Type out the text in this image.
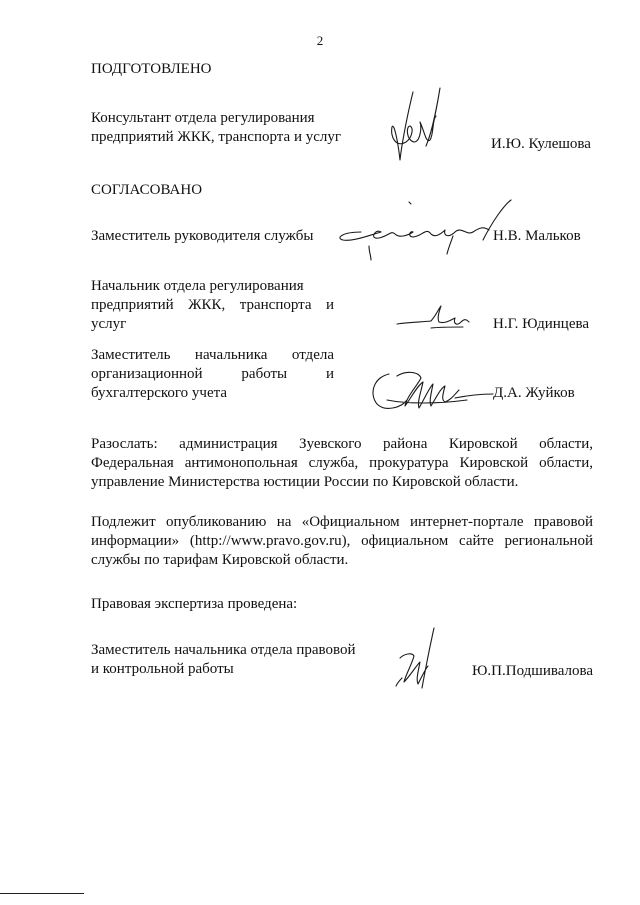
2
ПОДГОТОВЛЕНО
Консультант отдела регулирования
предприятий ЖКК, транспорта и услуг	И.Ю. Кулешова
СОГЛАСОВАНО
Заместитель руководителя службы	Н.В. Мальков
Начальник отдела регулирования
предприятий ЖКК, транспорта и
услуг	Н.Г. Юдинцева
Заместитель начальника отдела
организационной работы и
бухгалтерского учета	Д.А. Жуйков
Разослать: администрация Зуевского района Кировской области,
Федеральная антимонопольная служба, прокуратура Кировской области,
управление Министерства юстиции России по Кировской области.
Подлежит опубликованию на «Официальном интернет-портале правовой
информации» (http://www.pravo.gov.ru), официальном сайте региональной
службы по тарифам Кировской области.
Правовая экспертиза проведена:
Заместитель начальника отдела правовой
и контрольной работы	Ю.П.Подшивалова
